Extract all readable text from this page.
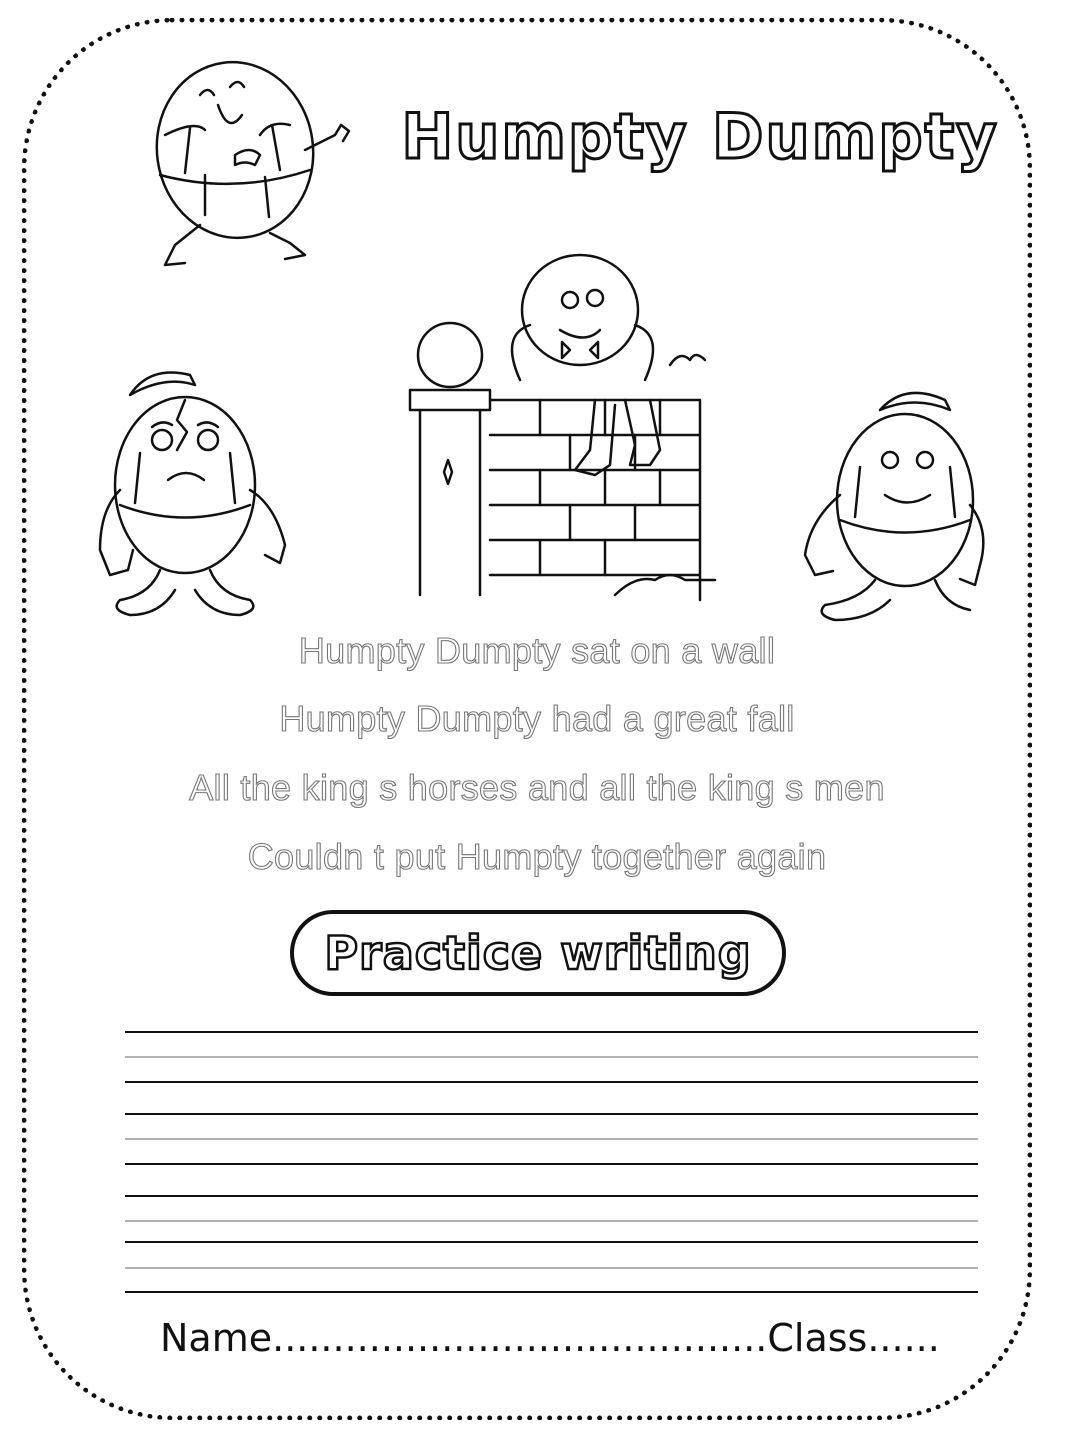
Humpty Dumpty
Humpty Dumpty sat on a wall
Humpty Dumpty had a great fall
All the king s horses and all the king s men
Couldn t put Humpty together again
Practice writing
Name.........................................Class......
